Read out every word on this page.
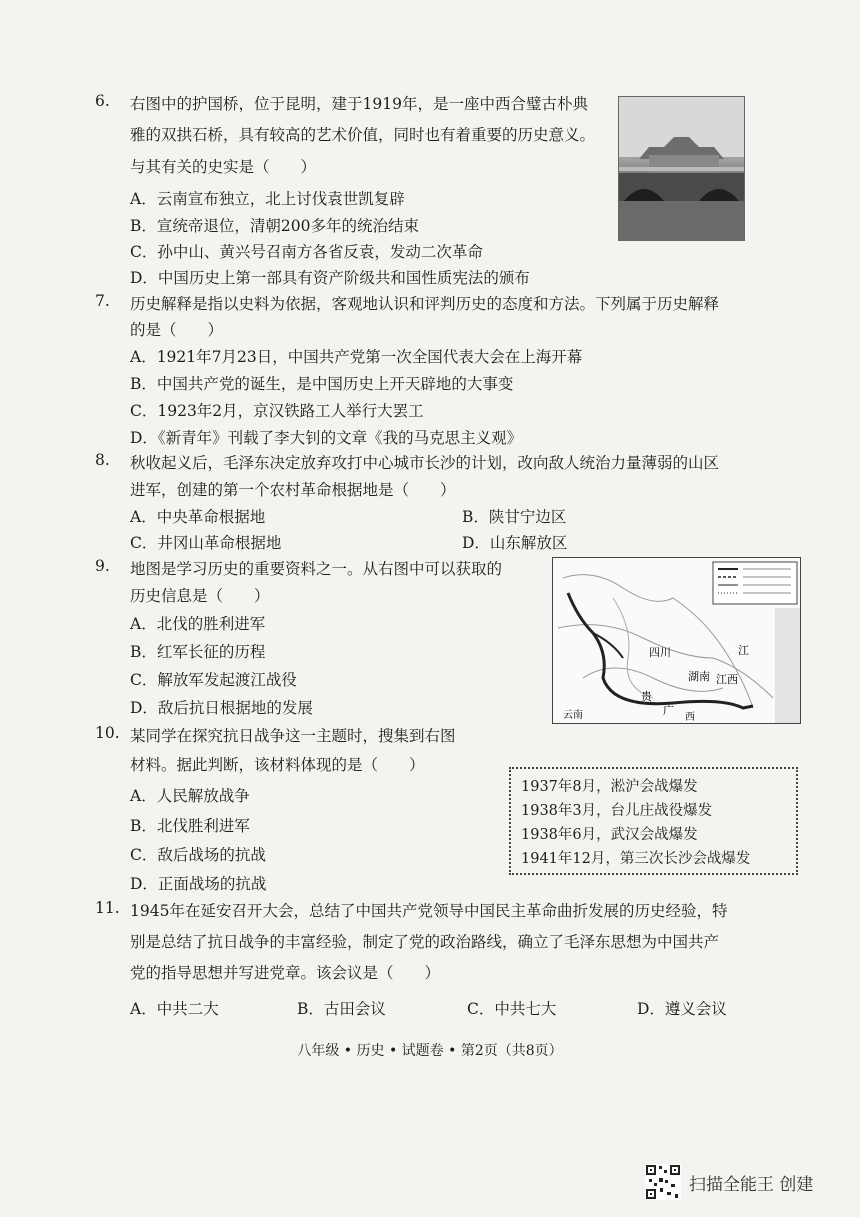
6. 右图中的护国桥，位于昆明，建于1919年，是一座中西合璧古朴典
雅的双拱石桥，具有较高的艺术价值，同时也有着重要的历史意义。
与其有关的史实是（　　）
A．云南宣布独立，北上讨伐袁世凯复辟
B．宣统帝退位，清朝200多年的统治结束
C．孙中山、黄兴号召南方各省反袁，发动二次革命
D．中国历史上第一部具有资产阶级共和国性质宪法的颁布
7. 历史解释是指以史料为依据，客观地认识和评判历史的态度和方法。下列属于历史解释
的是（　　）
A．1921年7月23日，中国共产党第一次全国代表大会在上海开幕
B．中国共产党的诞生，是中国历史上开天辟地的大事变
C．1923年2月，京汉铁路工人举行大罢工
D．《新青年》刊载了李大钊的文章《我的马克思主义观》
8. 秋收起义后，毛泽东决定放弃攻打中心城市长沙的计划，改向敌人统治力量薄弱的山区
进军，创建的第一个农村革命根据地是（　　）
A．中央革命根据地	B．陕甘宁边区
C．井冈山革命根据地	D．山东解放区
9. 地图是学习历史的重要资料之一。从右图中可以获取的
历史信息是（　　）
A．北伐的胜利进军
B．红军长征的历程
C．解放军发起渡江战役
D．敌后抗日根据地的发展
四川
湖南 江西
云南
贵
广
西
江
10. 某同学在探究抗日战争这一主题时，搜集到右图
材料。据此判断，该材料体现的是（　　）
A．人民解放战争
B．北伐胜利进军
C．敌后战场的抗战
D．正面战场的抗战
1937年8月，淞沪会战爆发
1938年3月，台儿庄战役爆发
1938年6月，武汉会战爆发
1941年12月，第三次长沙会战爆发
11. 1945年在延安召开大会，总结了中国共产党领导中国民主革命曲折发展的历史经验，特
别是总结了抗日战争的丰富经验，制定了党的政治路线，确立了毛泽东思想为中国共产
党的指导思想并写进党章。该会议是（　　）
A．中共二大	B．古田会议	C．中共七大	D．遵义会议
八年级 • 历史 • 试题卷 • 第2页（共8页）
扫描全能王 创建
